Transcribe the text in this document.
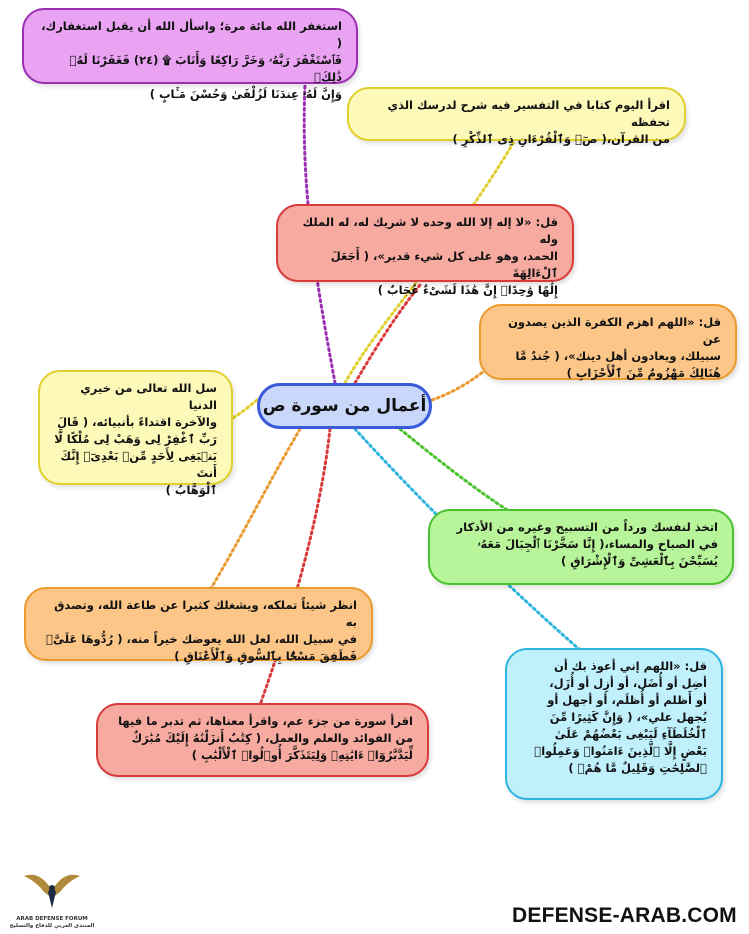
استغفر الله مائة مرة؛ واسأل الله أن يقبل استغفارك، (

فَٱسْتَغْفَرَ رَبَّهُۥ وَخَرَّ رَاكِعًا وَأَنَابَ ۩ (٢٤) فَغَفَرْنَا لَهُۥ ذَٰلِكَۖ

وَإِنَّ لَهُۥ عِندَنَا لَزُلْفَىٰ وَحُسْنَ مَـَٔابٍ )

اقرأ اليوم كتابا في التفسير فيه شرح لدرسك الذي تحفظه

من القرآن،( صٓۚ وَٱلْقُرْءَانِ ذِى ٱلذِّكْرِ )

قل: «لا إله إلا الله وحده لا شريك له، له الملك وله

الحمد، وهو على كل شيء قدير»، ( أَجَعَلَ ٱلْءَالِهَةَ

إِلَٰهًا وَٰحِدًاۖ إِنَّ هَٰذَا لَشَىْءٌ عُجَابٌ )

قل: «اللهم اهزم الكفرة الذين يصدون عن

سبيلك، ويعادون أهل دينك»، ( جُندٌ مَّا

هُنَالِكَ مَهْزُومٌ مِّنَ ٱلْأَحْزَابِ )

سل الله تعالى من خيري الدنيا

والآخرة اقتداءً بأنبيائه، ( قَالَ

رَبِّ ٱغْفِرْ لِى وَهَبْ لِى مُلْكًا لَّا

يَنۢبَغِى لِأَحَدٍ مِّنۢ بَعْدِىٓۖ إِنَّكَ أَنتَ

ٱلْوَهَّابُ )

أعمال من سورة ص

اتخذ لنفسك ورداً من التسبيح وغيره من الأذكار

في الصباح والمساء،( إِنَّا سَخَّرْنَا ٱلْجِبَالَ مَعَهُۥ

يُسَبِّحْنَ بِٱلْعَشِىِّ وَٱلْإِشْرَاقِ )

انظر شيئاً تملكه، ويشغلك كثيرا عن طاعة الله، وتصدق به

في سبيل الله، لعل الله يعوضك خيراً منه، ( رُدُّوهَا عَلَىَّۖ

فَطَفِقَ مَسْحًۢا بِٱلسُّوقِ وَٱلْأَعْنَاقِ )

قل: «اللهم إني أعوذ بك أن

أضِل أو أُضَل، أو أزِل أو أُزَل،

أو أَظلم أو أُظلَم، أو أجهل أو

يُجهل علي»، ( وَإِنَّ كَثِيرًا مِّنَ

ٱلْخُلَطَآءِ لَيَبْغِى بَعْضُهُمْ عَلَىٰ

بَعْضٍ إِلَّا ٱلَّذِينَ ءَامَنُوا۟ وَعَمِلُوا۟

ٱلصَّٰلِحَٰتِ وَقَلِيلٌ مَّا هُمْۗ )

اقرأ سورة من جزء عم، واقرأ معناها، ثم تدبر ما فيها

من الفوائد والعلم والعمل، ( كِتَٰبٌ أَنزَلْنَٰهُ إِلَيْكَ مُبَٰرَكٌ

لِّيَدَّبَّرُوٓا۟ ءَايَٰتِهِۦ وَلِيَتَذَكَّرَ أُو۟لُوا۟ ٱلْأَلْبَٰبِ )

ARAB DEFENSE FORUM
المنتدى العربي للدفاع والتسليح	DEFENSE-ARAB.COM
